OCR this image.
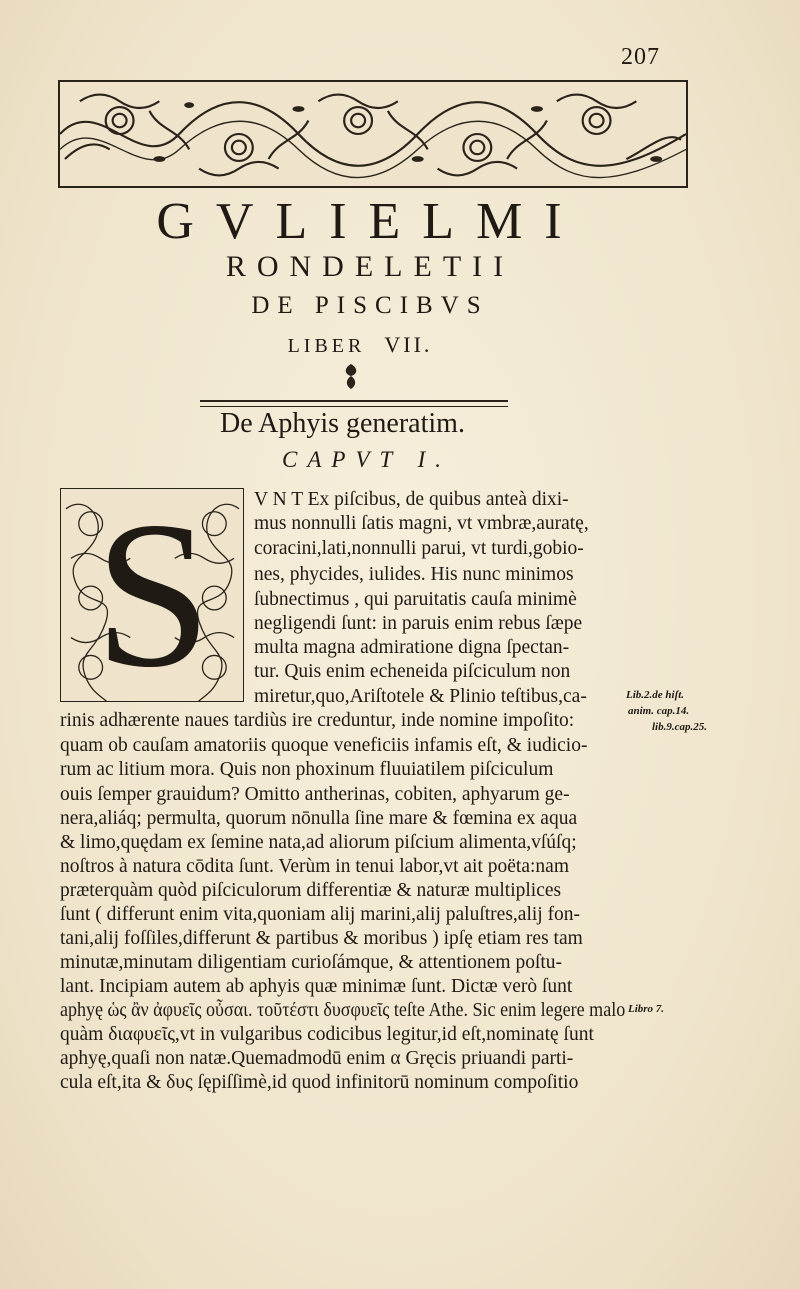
207
GVLIELMI
RONDELETII
DE PISCIBVS
LIBER VII.
De Aphyis generatim.
CAPVT I.
S	V N T Ex piſcibus, de quibus anteà dixi-
mus nonnulli ſatis magni, vt vmbræ,auratę,
coracini,lati,nonnulli parui, vt turdi,gobio-
nes, phycides, iulides. His nunc minimos
ſubnectimus , qui paruitatis cauſa minimè
negligendi ſunt: in paruis enim rebus ſæpe
multa magna admiratione digna ſpectan-
tur. Quis enim echeneida piſciculum non
miretur,quo,Ariſtotele & Plinio teſtibus,ca-
rinis adhærente naues tardiùs ire creduntur, inde nomine impoſito:
quam ob cauſam amatoriis quoque veneficiis infamis eſt, & iudicio-
rum ac litium mora. Quis non phoxinum fluuiatilem piſciculum
ouis ſemper grauidum? Omitto antherinas, cobiten, aphyarum ge-
nera,aliáq; permulta, quorum nōnulla ſine mare & fœmina ex aqua
& limo,quędam ex ſemine nata,ad aliorum piſcium alimenta,vſúſq;
noſtros à natura cōdita ſunt. Verùm in tenui labor,vt ait poëta:nam
præterquàm quòd piſciculorum differentiæ & naturæ multiplices
ſunt ( differunt enim vita,quoniam alij marini,alij paluſtres,alij fon-
tani,alij foſſiles,differunt & partibus & moribus ) ipſę etiam res tam
minutæ,minutam diligentiam curioſámque, & attentionem poſtu-
lant. Incipiam autem ab aphyis quæ minimæ ſunt. Dictæ verò ſunt
aphyę ὡς ἂν ἀφυεῖς οὖσαι. τοῦτέστι δυσφυεῖς teſte Athe. Sic enim legere malo
quàm διαφυεῖς,vt in vulgaribus codicibus legitur,id eſt,nominatę ſunt
aphyę,quaſi non natæ.Quemadmodū enim α Gręcis priuandi parti-
cula eſt,ita & δυς ſępiſſimè,id quod infinitorū nominum compoſitio
Lib.2.de hiſt.
anim. cap.14.
lib.9.cap.25.
Libro 7.
